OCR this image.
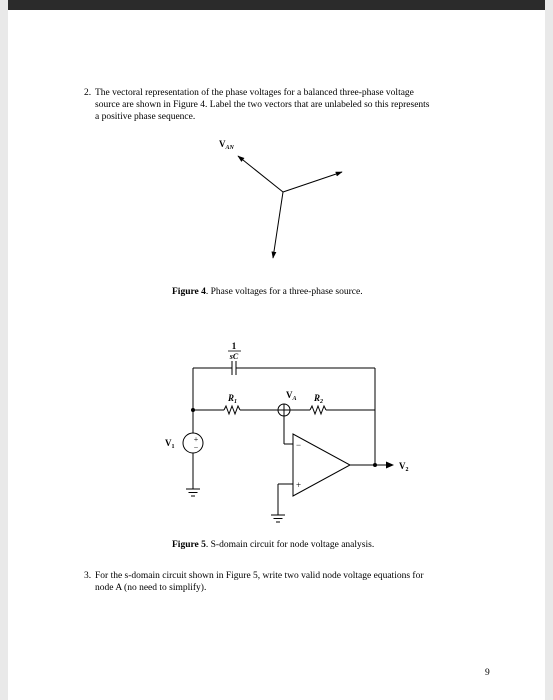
2. The vectoral representation of the phase voltages for a balanced three-phase voltage
source are shown in Figure 4. Label the two vectors that are unlabeled so this represents
a positive phase sequence.
$V_{AN}$
Figure 4. Phase voltages for a three-phase source.
1
sC
$R_1$	$R_2$
$V_A$
$V_1$
$V_2$
+
−	−
+
Figure 5. S-domain circuit for node voltage analysis.
3. For the s-domain circuit shown in Figure 5, write two valid node voltage equations for
node A (no need to simplify).
9
